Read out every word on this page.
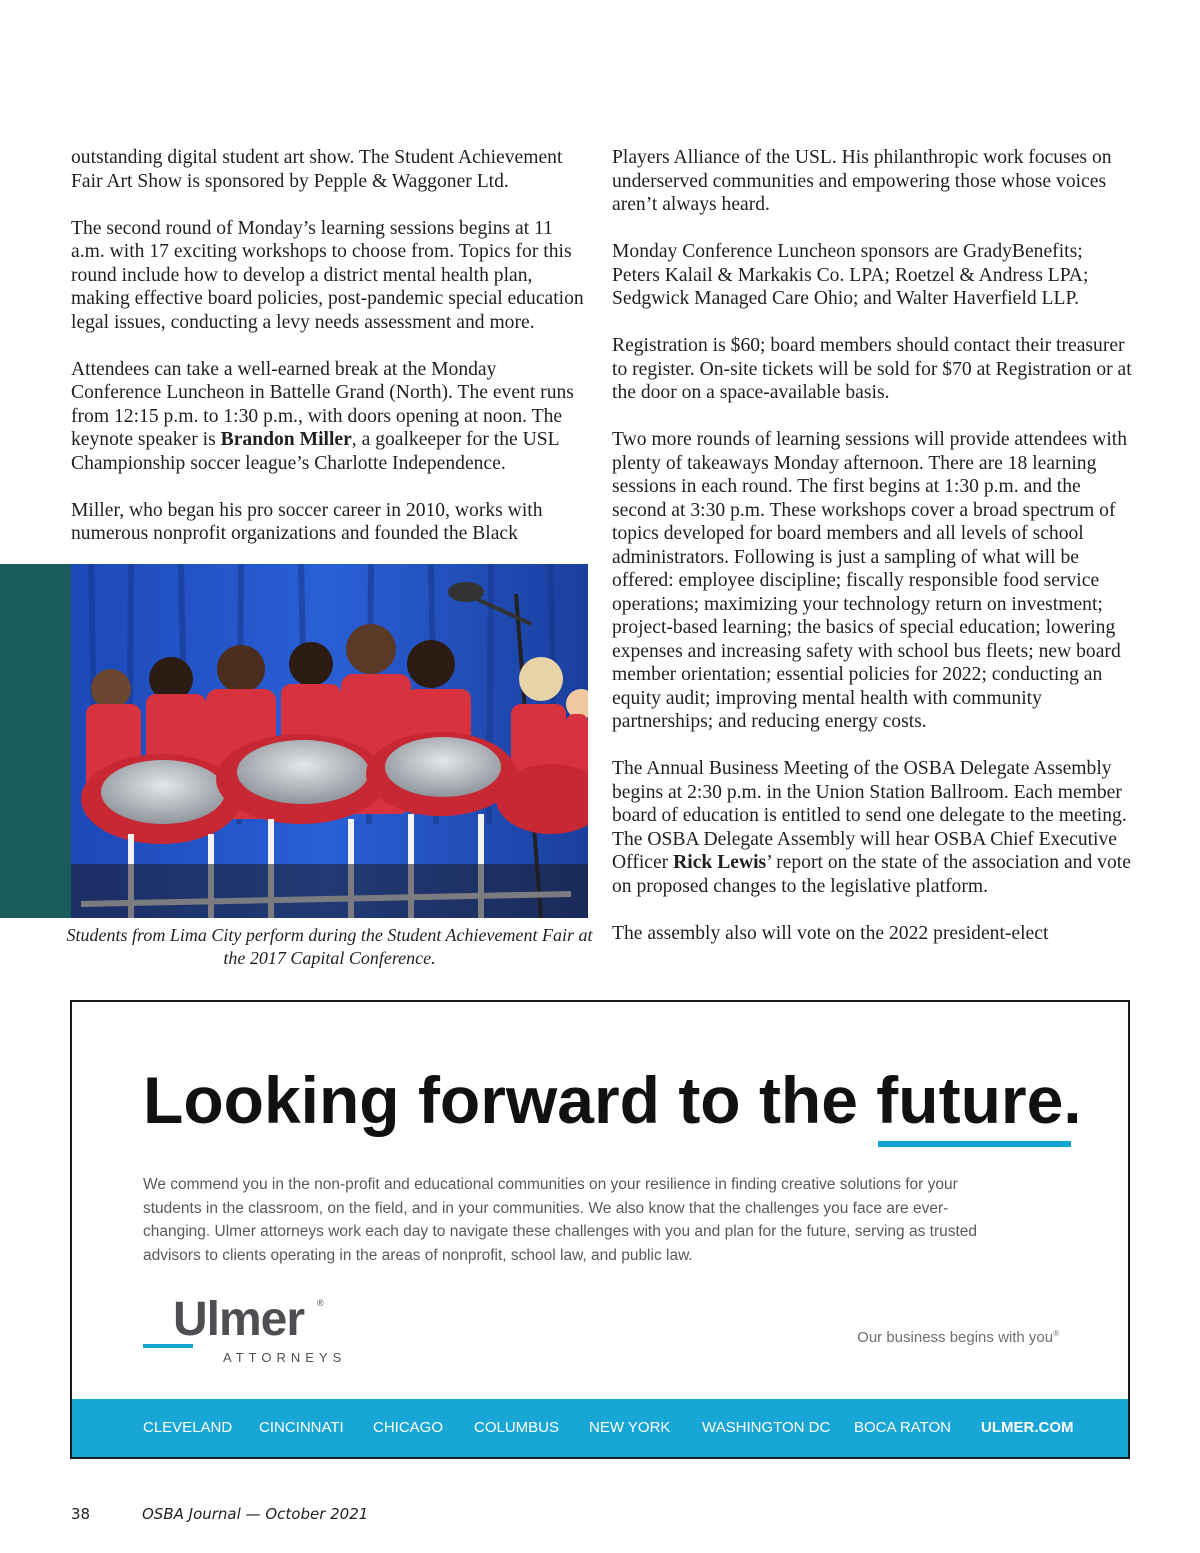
outstanding digital student art show. The Student Achievement Fair Art Show is sponsored by Pepple & Waggoner Ltd.

The second round of Monday’s learning sessions begins at 11 a.m. with 17 exciting workshops to choose from. Topics for this round include how to develop a district mental health plan, making effective board policies, post-pandemic special education legal issues, conducting a levy needs assessment and more.

Attendees can take a well-earned break at the Monday Conference Luncheon in Battelle Grand (North). The event runs from 12:15 p.m. to 1:30 p.m., with doors opening at noon. The keynote speaker is Brandon Miller, a goalkeeper for the USL Championship soccer league’s Charlotte Independence.

Miller, who began his pro soccer career in 2010, works with numerous nonprofit organizations and founded the Black

Students from Lima City perform during the Student Achievement Fair at the 2017 Capital Conference.

Players Alliance of the USL. His philanthropic work focuses on underserved communities and empowering those whose voices aren’t always heard.

Monday Conference Luncheon sponsors are GradyBenefits; Peters Kalail & Markakis Co. LPA; Roetzel & Andress LPA; Sedgwick Managed Care Ohio; and Walter Haverfield LLP.

Registration is $60; board members should contact their treasurer to register. On-site tickets will be sold for $70 at Registration or at the door on a space-available basis.

Two more rounds of learning sessions will provide attendees with plenty of takeaways Monday afternoon. There are 18 learning sessions in each round. The first begins at 1:30 p.m. and the second at 3:30 p.m. These workshops cover a broad spectrum of topics developed for board members and all levels of school administrators. Following is just a sampling of what will be offered: employee discipline; fiscally responsible food service operations; maximizing your technology return on investment; project-based learning; the basics of special education; lowering expenses and increasing safety with school bus fleets; new board member orientation; essential policies for 2022; conducting an equity audit; improving mental health with community partnerships; and reducing energy costs.

The Annual Business Meeting of the OSBA Delegate Assembly begins at 2:30 p.m. in the Union Station Ballroom. Each member board of education is entitled to send one delegate to the meeting. The OSBA Delegate Assembly will hear OSBA Chief Executive Officer Rick Lewis’ report on the state of the association and vote on proposed changes to the legislative platform.

The assembly also will vote on the 2022 president-elect

Looking forward to the future.

We commend you in the non-profit and educational communities on your resilience in finding creative solutions for your students in the classroom, on the field, and in your communities. We also know that the challenges you face are ever-changing. Ulmer attorneys work each day to navigate these challenges with you and plan for the future, serving as trusted advisors to clients operating in the areas of nonprofit, school law, and public law.

Ulmer ®
ATTORNEYS
Our business begins with you®
CLEVELAND CINCINNATI CHICAGO COLUMBUS NEW YORK WASHINGTON DC BOCA RATON ULMER.COM
38	OSBA Journal — October 2021
